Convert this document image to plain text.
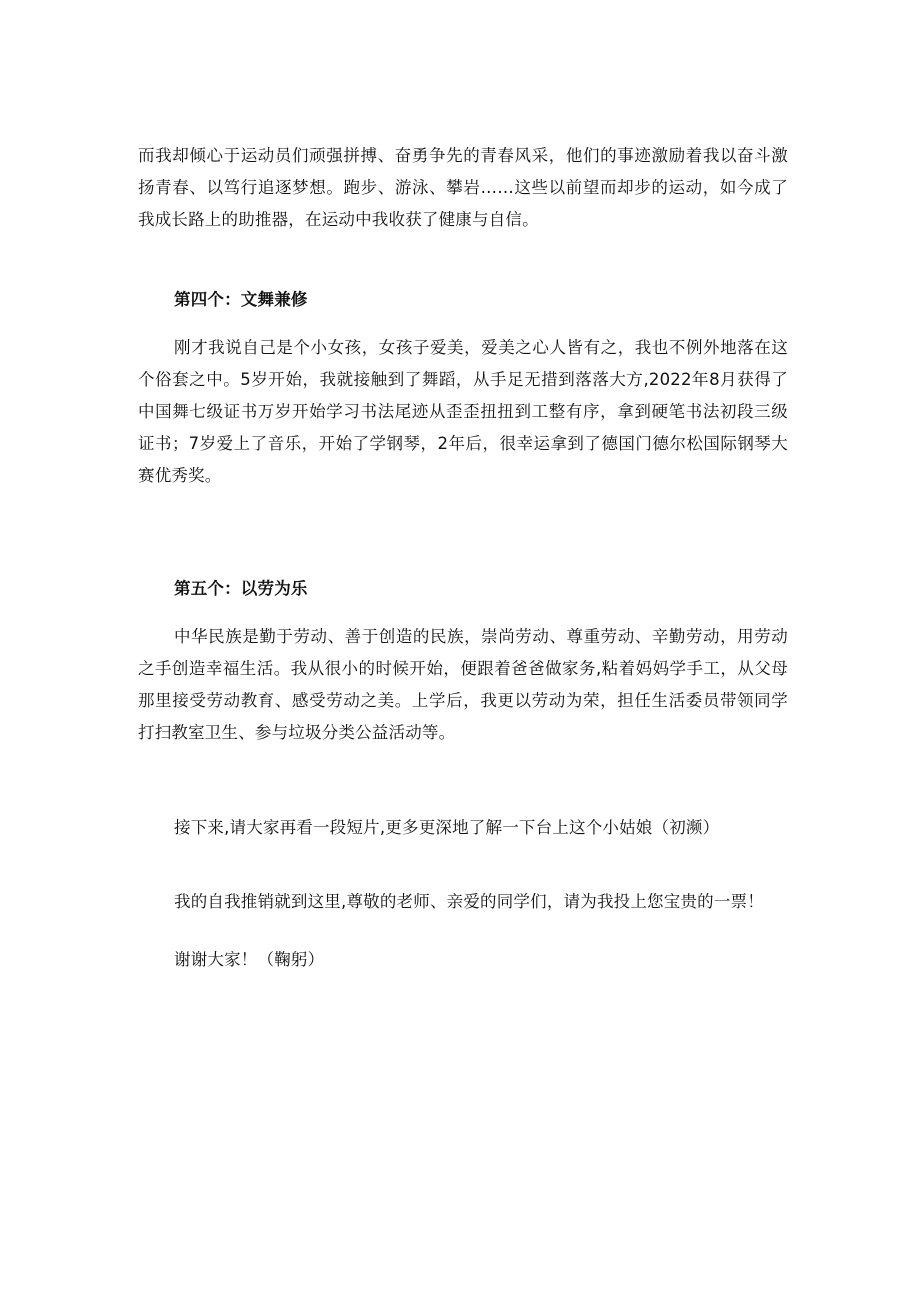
而我却倾心于运动员们顽强拼搏、奋勇争先的青春风采，他们的事迹激励着我以奋斗激扬青春、以笃行追逐梦想。跑步、游泳、攀岩……这些以前望而却步的运动，如今成了我成长路上的助推器，在运动中我收获了健康与自信。

第四个：文舞兼修

刚才我说自己是个小女孩，女孩子爱美，爱美之心人皆有之，我也不例外地落在这个俗套之中。5岁开始，我就接触到了舞蹈，从手足无措到落落大方,2022年8月获得了中国舞七级证书万岁开始学习书法尾迹从歪歪扭扭到工整有序，拿到硬笔书法初段三级证书；7岁爱上了音乐，开始了学钢琴，2年后，很幸运拿到了德国门德尔松国际钢琴大赛优秀奖。

第五个：以劳为乐

中华民族是勤于劳动、善于创造的民族，崇尚劳动、尊重劳动、辛勤劳动，用劳动之手创造幸福生活。我从很小的时候开始，便跟着爸爸做家务,粘着妈妈学手工，从父母那里接受劳动教育、感受劳动之美。上学后，我更以劳动为荣，担任生活委员带领同学打扫教室卫生、参与垃圾分类公益活动等。

接下来,请大家再看一段短片,更多更深地了解一下台上这个小姑娘（初濒）

我的自我推销就到这里,尊敬的老师、亲爱的同学们，请为我投上您宝贵的一票！

谢谢大家！（鞠躬）
